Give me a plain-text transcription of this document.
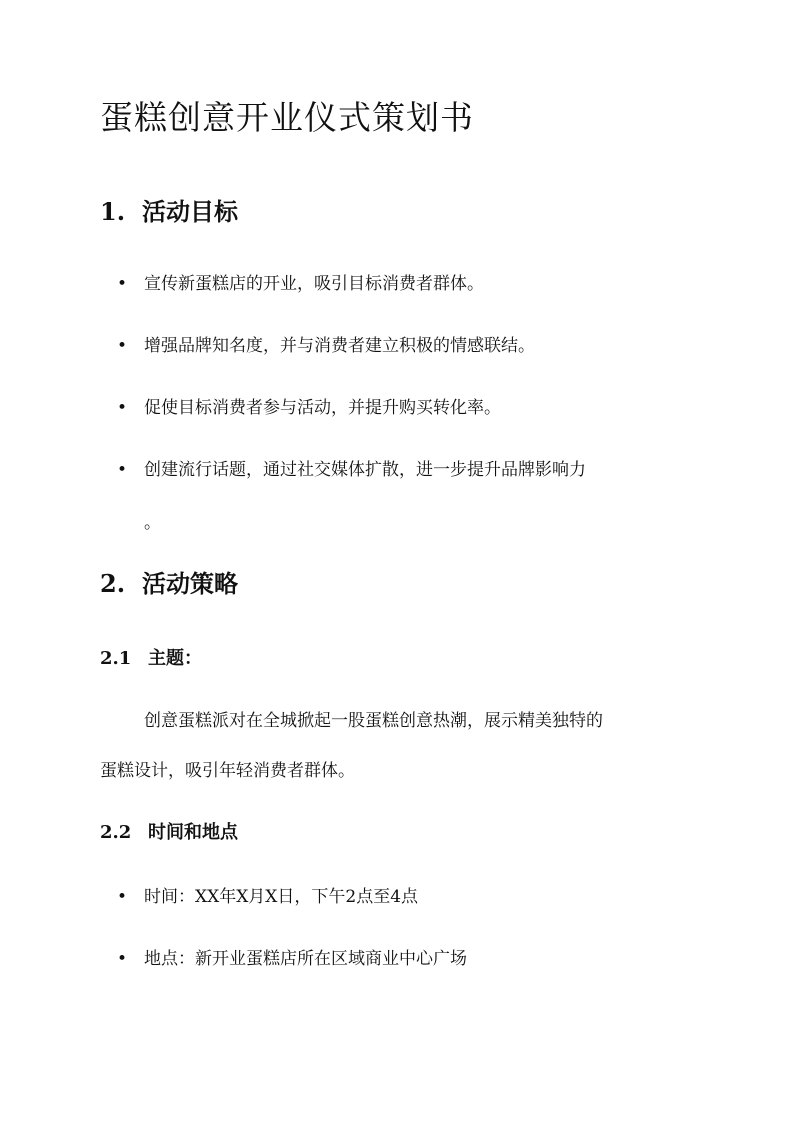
蛋糕创意开业仪式策划书
1. 活动目标
• 宣传新蛋糕店的开业，吸引目标消费者群体。
• 增强品牌知名度，并与消费者建立积极的情感联结。
• 促使目标消费者参与活动，并提升购买转化率。
• 创建流行话题，通过社交媒体扩散，进一步提升品牌影响力
。
2. 活动策略
2.1 主题：
创意蛋糕派对在全城掀起一股蛋糕创意热潮，展示精美独特的
蛋糕设计，吸引年轻消费者群体。
2.2 时间和地点
• 时间：XX年X月X日，下午2点至4点
• 地点：新开业蛋糕店所在区域商业中心广场
